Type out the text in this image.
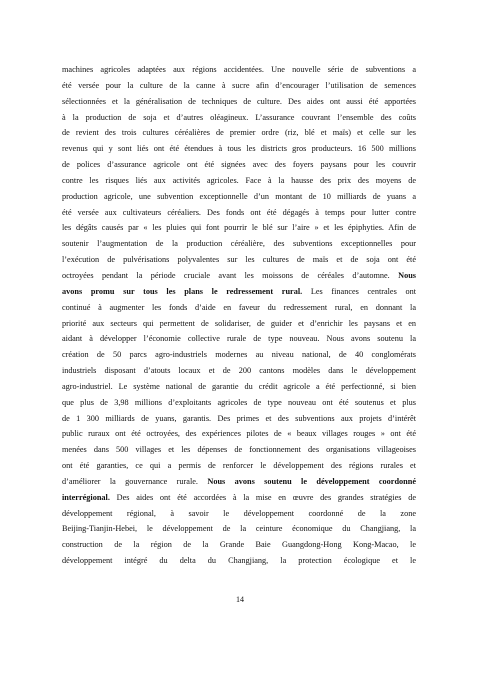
machines agricoles adaptées aux régions accidentées. Une nouvelle série de subventions a
été versée pour la culture de la canne à sucre afin d’encourager l’utilisation de semences
sélectionnées et la généralisation de techniques de culture. Des aides ont aussi été apportées
à la production de soja et d’autres oléagineux. L’assurance couvrant l’ensemble des coûts
de revient des trois cultures céréalières de premier ordre (riz, blé et maïs) et celle sur les
revenus qui y sont liés ont été étendues à tous les districts gros producteurs. 16 500 millions
de polices d’assurance agricole ont été signées avec des foyers paysans pour les couvrir
contre les risques liés aux activités agricoles. Face à la hausse des prix des moyens de
production agricole, une subvention exceptionnelle d’un montant de 10 milliards de yuans a
été versée aux cultivateurs céréaliers. Des fonds ont été dégagés à temps pour lutter contre
les dégâts causés par « les pluies qui font pourrir le blé sur l’aire » et les épiphyties. Afin de
soutenir l’augmentation de la production céréalière, des subventions exceptionnelles pour
l’exécution de pulvérisations polyvalentes sur les cultures de maïs et de soja ont été
octroyées pendant la période cruciale avant les moissons de céréales d’automne. Nous
avons promu sur tous les plans le redressement rural. Les finances centrales ont
continué à augmenter les fonds d’aide en faveur du redressement rural, en donnant la
priorité aux secteurs qui permettent de solidariser, de guider et d’enrichir les paysans et en
aidant à développer l’économie collective rurale de type nouveau. Nous avons soutenu la
création de 50 parcs agro-industriels modernes au niveau national, de 40 conglomérats
industriels disposant d’atouts locaux et de 200 cantons modèles dans le développement
agro-industriel. Le système national de garantie du crédit agricole a été perfectionné, si bien
que plus de 3,98 millions d’exploitants agricoles de type nouveau ont été soutenus et plus
de 1 300 milliards de yuans, garantis. Des primes et des subventions aux projets d’intérêt
public ruraux ont été octroyées, des expériences pilotes de « beaux villages rouges » ont été
menées dans 500 villages et les dépenses de fonctionnement des organisations villageoises
ont été garanties, ce qui a permis de renforcer le développement des régions rurales et
d’améliorer la gouvernance rurale. Nous avons soutenu le développement coordonné
interrégional. Des aides ont été accordées à la mise en œuvre des grandes stratégies de
développement régional, à savoir le développement coordonné de la zone
Beijing-Tianjin-Hebei, le développement de la ceinture économique du Changjiang, la
construction de la région de la Grande Baie Guangdong-Hong Kong-Macao, le
développement intégré du delta du Changjiang, la protection écologique et le
14
